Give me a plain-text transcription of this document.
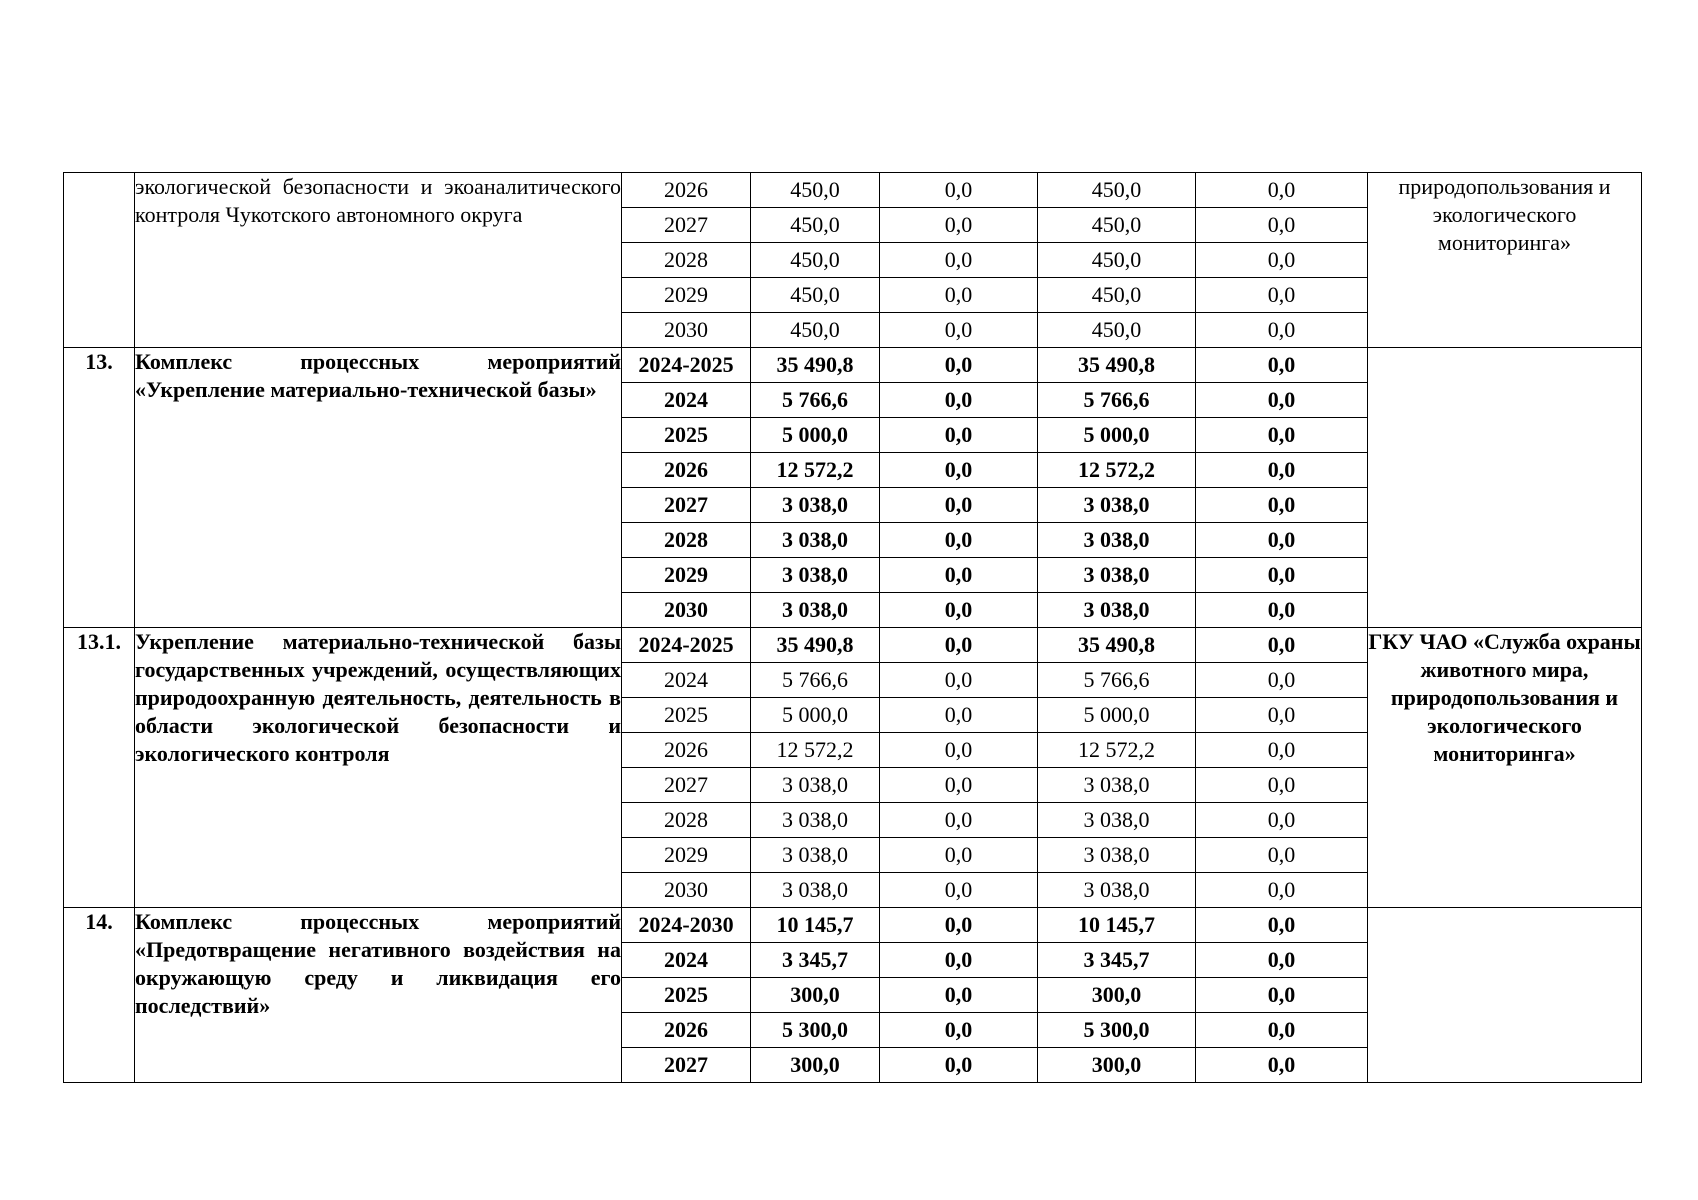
	экологической безопасности и экоаналитического контроля Чукотского автономного округа	2026	450,0	0,0	450,0	0,0	природопользования и экологического мониторинга»
		2027	450,0	0,0	450,0	0,0	
		2028	450,0	0,0	450,0	0,0	
		2029	450,0	0,0	450,0	0,0	
		2030	450,0	0,0	450,0	0,0	
13.	Комплекс процессных мероприятий «Укрепление материально-технической базы»	2024-2025	35 490,8	0,0	35 490,8	0,0	
		2024	5 766,6	0,0	5 766,6	0,0	
		2025	5 000,0	0,0	5 000,0	0,0	
		2026	12 572,2	0,0	12 572,2	0,0	
		2027	3 038,0	0,0	3 038,0	0,0	
		2028	3 038,0	0,0	3 038,0	0,0	
		2029	3 038,0	0,0	3 038,0	0,0	
		2030	3 038,0	0,0	3 038,0	0,0	
13.1.	Укрепление материально-технической базы государственных учреждений, осуществляющих природоохранную деятельность, деятельность в области экологической безопасности и экологического контроля	2024-2025	35 490,8	0,0	35 490,8	0,0	ГКУ ЧАО «Служба охраны животного мира, природопользования и экологического мониторинга»
		2024	5 766,6	0,0	5 766,6	0,0	
		2025	5 000,0	0,0	5 000,0	0,0	
		2026	12 572,2	0,0	12 572,2	0,0	
		2027	3 038,0	0,0	3 038,0	0,0	
		2028	3 038,0	0,0	3 038,0	0,0	
		2029	3 038,0	0,0	3 038,0	0,0	
		2030	3 038,0	0,0	3 038,0	0,0	
14.	Комплекс процессных мероприятий «Предотвращение негативного воздействия на окружающую среду и ликвидация его последствий»	2024-2030	10 145,7	0,0	10 145,7	0,0	
		2024	3 345,7	0,0	3 345,7	0,0	
		2025	300,0	0,0	300,0	0,0	
		2026	5 300,0	0,0	5 300,0	0,0	
		2027	300,0	0,0	300,0	0,0	
